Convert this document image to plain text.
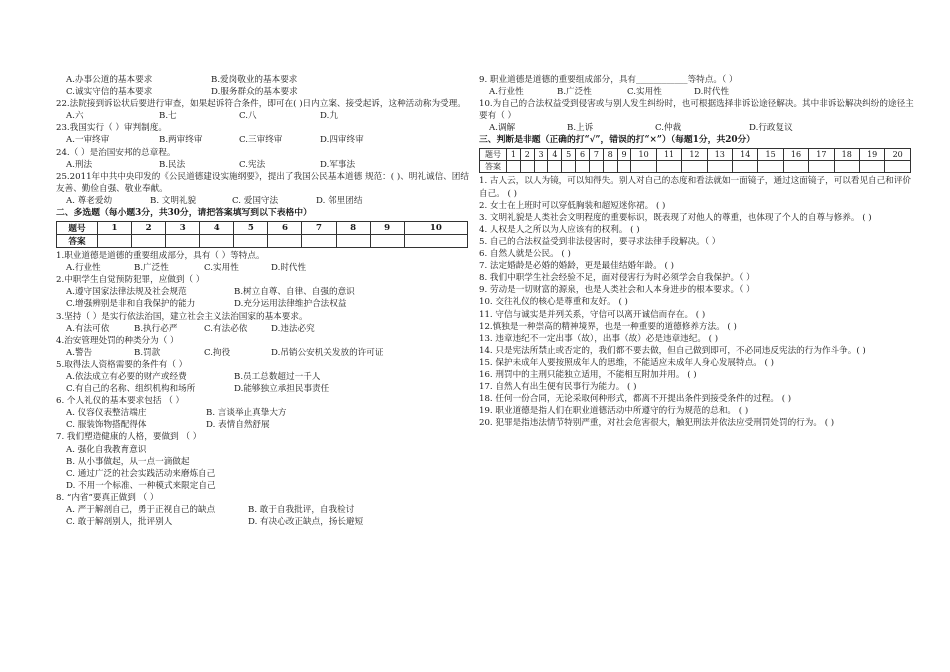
A.办事公道的基本要求	B.爱岗敬业的基本要求
C.诚实守信的基本要求	D.服务群众的基本要求
22.法院接到诉讼状后要进行审查，如果起诉符合条件，即可在( )日内立案、接受起诉，这种活动称为受理。
A.六	B.七	C.八	D.九
23.我国实行（ ）审判制度。
A.一审终审	B.两审终审	C.三审终审	D.四审终审
24.（ ）是治国安邦的总章程。
A.刑法	B.民法	C.宪法	D.军事法
25.2011年中共中央印发的《公民道德建设实施纲要》，提出了我国公民基本道德 规范：( )、明礼诚信、团结友善、勤俭自强、敬业奉献。
A. 尊老爱幼	B. 文明礼貌	C. 爱国守法	D. 邻里团结
二、多选题（每小题3分，共30分，请把答案填写到以下表格中）
题号	1	2	3	4	5	6	7	8	9	10
答案										
1.职业道德是道德的重要组成部分，具有（ ）等特点。
A.行业性	B.广泛性	C.实用性	D.时代性
2.中职学生自觉预防犯罪，应做到（ ）
A.遵守国家法律法规及社会规范	B.树立自尊、自律、自强的意识
C.增强辨别是非和自我保护的能力	D.充分运用法律维护合法权益
3.坚持（ ）是实行依法治国，建立社会主义法治国家的基本要求。
A.有法可依	B.执行必严	C.有法必依	D.违法必究
4.治安管理处罚的种类分为（ ）
A.警告	B.罚款	C.拘役	D.吊销公安机关发放的许可证
5.取得法人资格需要的条件有（ ）
A.依法成立有必要的财产或经费	B.员工总数超过一千人
C.有自己的名称、组织机构和场所	D.能够独立承担民事责任
6. 个人礼仪的基本要求包括 （ ）
A. 仪容仪表整洁端庄	B. 言谈举止真挚大方
C. 服装饰物搭配得体	D. 表情自然舒展
7. 我们塑造健康的人格，要做到 （ ）
A. 强化自我教育意识
B. 从小事做起，从一点一滴做起
C. 通过广泛的社会实践活动来磨炼自己
D. 不用一个标准、一种模式来限定自己
8. “内省”要真正做到 （ ）
A. 严于解剖自己，勇于正视自己的缺点	B. 敢于自我批评，自我检讨
C. 敢于解剖别人，批评别人	D. 有决心改正缺点，扬长避短
9. 职业道德是道德的重要组成部分，具有____________等特点。（ ）
A.行业性	B.广泛性	C.实用性	D.时代性
10.为自己的合法权益受到侵害或与别人发生纠纷时，也可根据选择非诉讼途径解决。其中非诉讼解决纠纷的途径主要有（ ）
A.调解	B.上诉	C.仲裁	D.行政复议
三、判断是非题（正确的打“√”，错误的打“×”）（每题1分，共20分）
题号	1	2	3	4	5	6	7	8	9	10	11	12	13	14	15	16	17	18	19	20
答案																				
1. 古人云，以人为镜，可以知得失。别人对自己的态度和看法就如一面镜子，通过这面镜子，可以看见自己和评价自己。 ( )
2. 女士在上班时可以穿低胸装和超短迷你裙。 ( )
3. 文明礼貌是人类社会文明程度的重要标识，既表现了对他人的尊重，也体现了个人的自尊与修养。 ( )
4. 人权是人之所以为人应该有的权利。 ( )
5. 自己的合法权益受到非法侵害时，要寻求法律手段解决。（ ）
6. 自然人就是公民。 ( )
7. 法定婚龄是必婚的婚龄，更是最佳结婚年龄。 ( )
8. 我们中职学生社会经验不足，面对侵害行为时必须学会自我保护。（ ）
9. 劳动是一切财富的源泉，也是人类社会和人本身进步的根本要求。（ ）
10. 交往礼仪的核心是尊重和友好。 ( )
11. 守信与诚实是并列关系，守信可以离开诚信而存在。 ( )
12.慎独是一种崇高的精神境界，也是一种重要的道德修养方法。 ( )
13. 违章违纪不一定出事（故），出事（故）必是违章违纪。 ( )
14. 只是宪法所禁止或否定的，我们都不要去做，但自己做到即可，不必同违反宪法的行为作斗争。( )
15. 保护未成年人要按照成年人的思维，不能适应未成年人身心发展特点。 ( )
16. 刑罚中的主刑只能独立适用，不能相互附加并用。 ( )
17. 自然人有出生便有民事行为能力。 ( )
18. 任何一份合同，无论采取何种形式，都离不开提出条件到接受条件的过程。 ( )
19. 职业道德是指人们在职业道德活动中所遵守的行为规范的总和。 ( )
20. 犯罪是指违法情节特别严重，对社会危害很大，触犯刑法并依法应受刑罚处罚的行为。 ( )
